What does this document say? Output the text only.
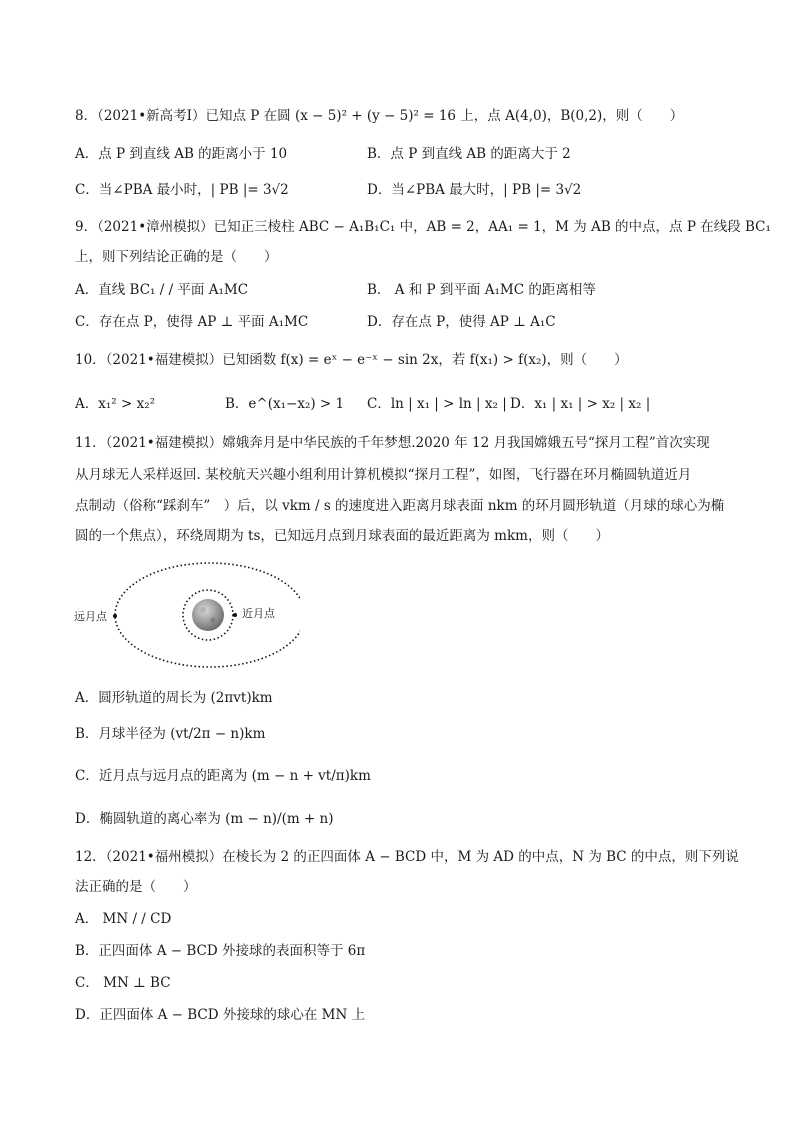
8．（2021•新高考Ⅰ）已知点 P 在圆 (x − 5)² + (y − 5)² = 16 上，点 A(4,0)，B(0,2)，则（　　）
A．点 P 到直线 AB 的距离小于 10	B．点 P 到直线 AB 的距离大于 2
C．当∠PBA 最小时，| PB |= 3√2	D．当∠PBA 最大时，| PB |= 3√2
9．（2021•漳州模拟）已知正三棱柱 ABC − A₁B₁C₁ 中，AB = 2，AA₁ = 1，M 为 AB 的中点，点 P 在线段 BC₁
上，则下列结论正确的是（　　）
A．直线 BC₁ / / 平面 A₁MC	B． A 和 P 到平面 A₁MC 的距离相等
C．存在点 P，使得 AP ⊥ 平面 A₁MC	D．存在点 P，使得 AP ⊥ A₁C
10．（2021•福建模拟）已知函数 f(x) = eˣ − e⁻ˣ − sin 2x，若 f(x₁) > f(x₂)，则（　　）
A．x₁² > x₂²	B．e^(x₁−x₂) > 1 C．ln | x₁ | > ln | x₂ | D．x₁ | x₁ | > x₂ | x₂ |
11．（2021•福建模拟）嫦娥奔月是中华民族的千年梦想.2020 年 12 月我国嫦娥五号“探月工程”首次实现
从月球无人采样返回. 某校航天兴趣小组利用计算机模拟“探月工程”，如图，飞行器在环月椭圆轨道近月
点制动（俗称“踩刹车”　）后，以 vkm / s 的速度进入距离月球表面 nkm 的环月圆形轨道（月球的球心为椭
圆的一个焦点），环绕周期为 ts，已知远月点到月球表面的最近距离为 mkm，则（　　）
远月点	近月点
A．圆形轨道的周长为 (2πvt)km
B．月球半径为 (vt/2π − n)km
C．近月点与远月点的距离为 (m − n + vt/π)km
D．椭圆轨道的离心率为 (m − n)/(m + n)
12．（2021•福州模拟）在棱长为 2 的正四面体 A − BCD 中，M 为 AD 的中点，N 为 BC 的中点，则下列说
法正确的是（　　）
A． MN / / CD
B．正四面体 A − BCD 外接球的表面积等于 6π
C． MN ⊥ BC
D．正四面体 A − BCD 外接球的球心在 MN 上
